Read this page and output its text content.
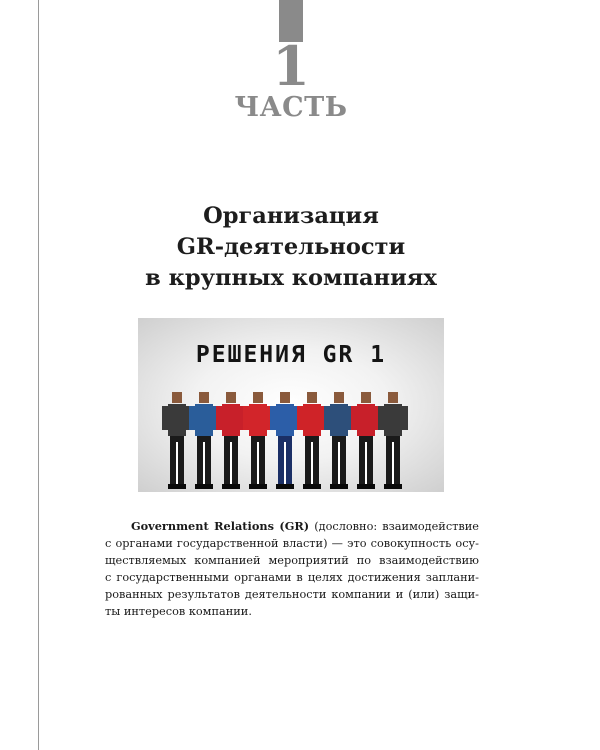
1
ЧАСТЬ
Организация
GR-деятельности
в крупных компаниях
РЕШЕНИЯ GR 1
Government Relations (GR) (дословно: взаимодействие
с органами государственной власти) — это совокупность осу-
ществляемых компанией мероприятий по взаимодействию
с государственными органами в целях достижения заплани-
рованных результатов деятельности компании и (или) защи-
ты интересов компании.
